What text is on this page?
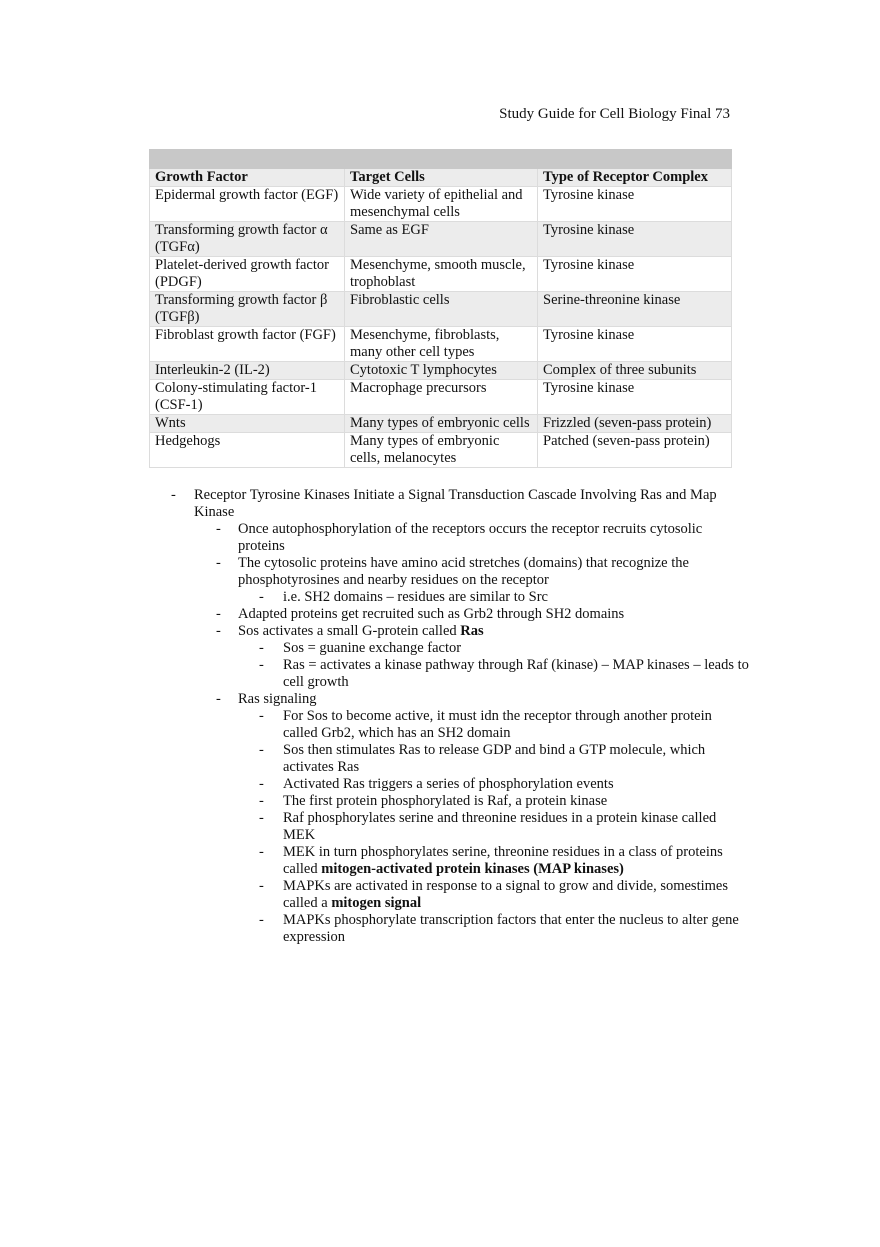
Study Guide for Cell Biology Final 73

Growth Factor	Target Cells	Type of Receptor Complex
Epidermal growth factor (EGF)	Wide variety of epithelial and mesenchymal cells	Tyrosine kinase
Transforming growth factor α (TGFα)	Same as EGF	Tyrosine kinase
Platelet-derived growth factor (PDGF)	Mesenchyme, smooth muscle, trophoblast	Tyrosine kinase
Transforming growth factor β (TGFβ)	Fibroblastic cells	Serine-threonine kinase
Fibroblast growth factor (FGF)	Mesenchyme, fibroblasts, many other cell types	Tyrosine kinase
Interleukin-2 (IL-2)	Cytotoxic T lymphocytes	Complex of three subunits
Colony-stimulating factor-1 (CSF-1)	Macrophage precursors	Tyrosine kinase
Wnts	Many types of embryonic cells	Frizzled (seven-pass protein)
Hedgehogs	Many types of embryonic cells, melanocytes	Patched (seven-pass protein)
- Receptor Tyrosine Kinases Initiate a Signal Transduction Cascade Involving Ras and Map Kinase
- Once autophosphorylation of the receptors occurs the receptor recruits cytosolic proteins
- The cytosolic proteins have amino acid stretches (domains) that recognize the phosphotyrosines and nearby residues on the receptor
- i.e. SH2 domains – residues are similar to Src
- Adapted proteins get recruited such as Grb2 through SH2 domains
- Sos activates a small G-protein called Ras
- Sos = guanine exchange factor
- Ras = activates a kinase pathway through Raf (kinase) – MAP kinases – leads to cell growth
- Ras signaling
- For Sos to become active, it must idn the receptor through another protein called Grb2, which has an SH2 domain
- Sos then stimulates Ras to release GDP and bind a GTP molecule, which activates Ras
- Activated Ras triggers a series of phosphorylation events
- The first protein phosphorylated is Raf, a protein kinase
- Raf phosphorylates serine and threonine residues in a protein kinase called MEK
- MEK in turn phosphorylates serine, threonine residues in a class of proteins called mitogen-activated protein kinases (MAP kinases)
- MAPKs are activated in response to a signal to grow and divide, somestimes called a mitogen signal
- MAPKs phosphorylate transcription factors that enter the nucleus to alter gene expression
